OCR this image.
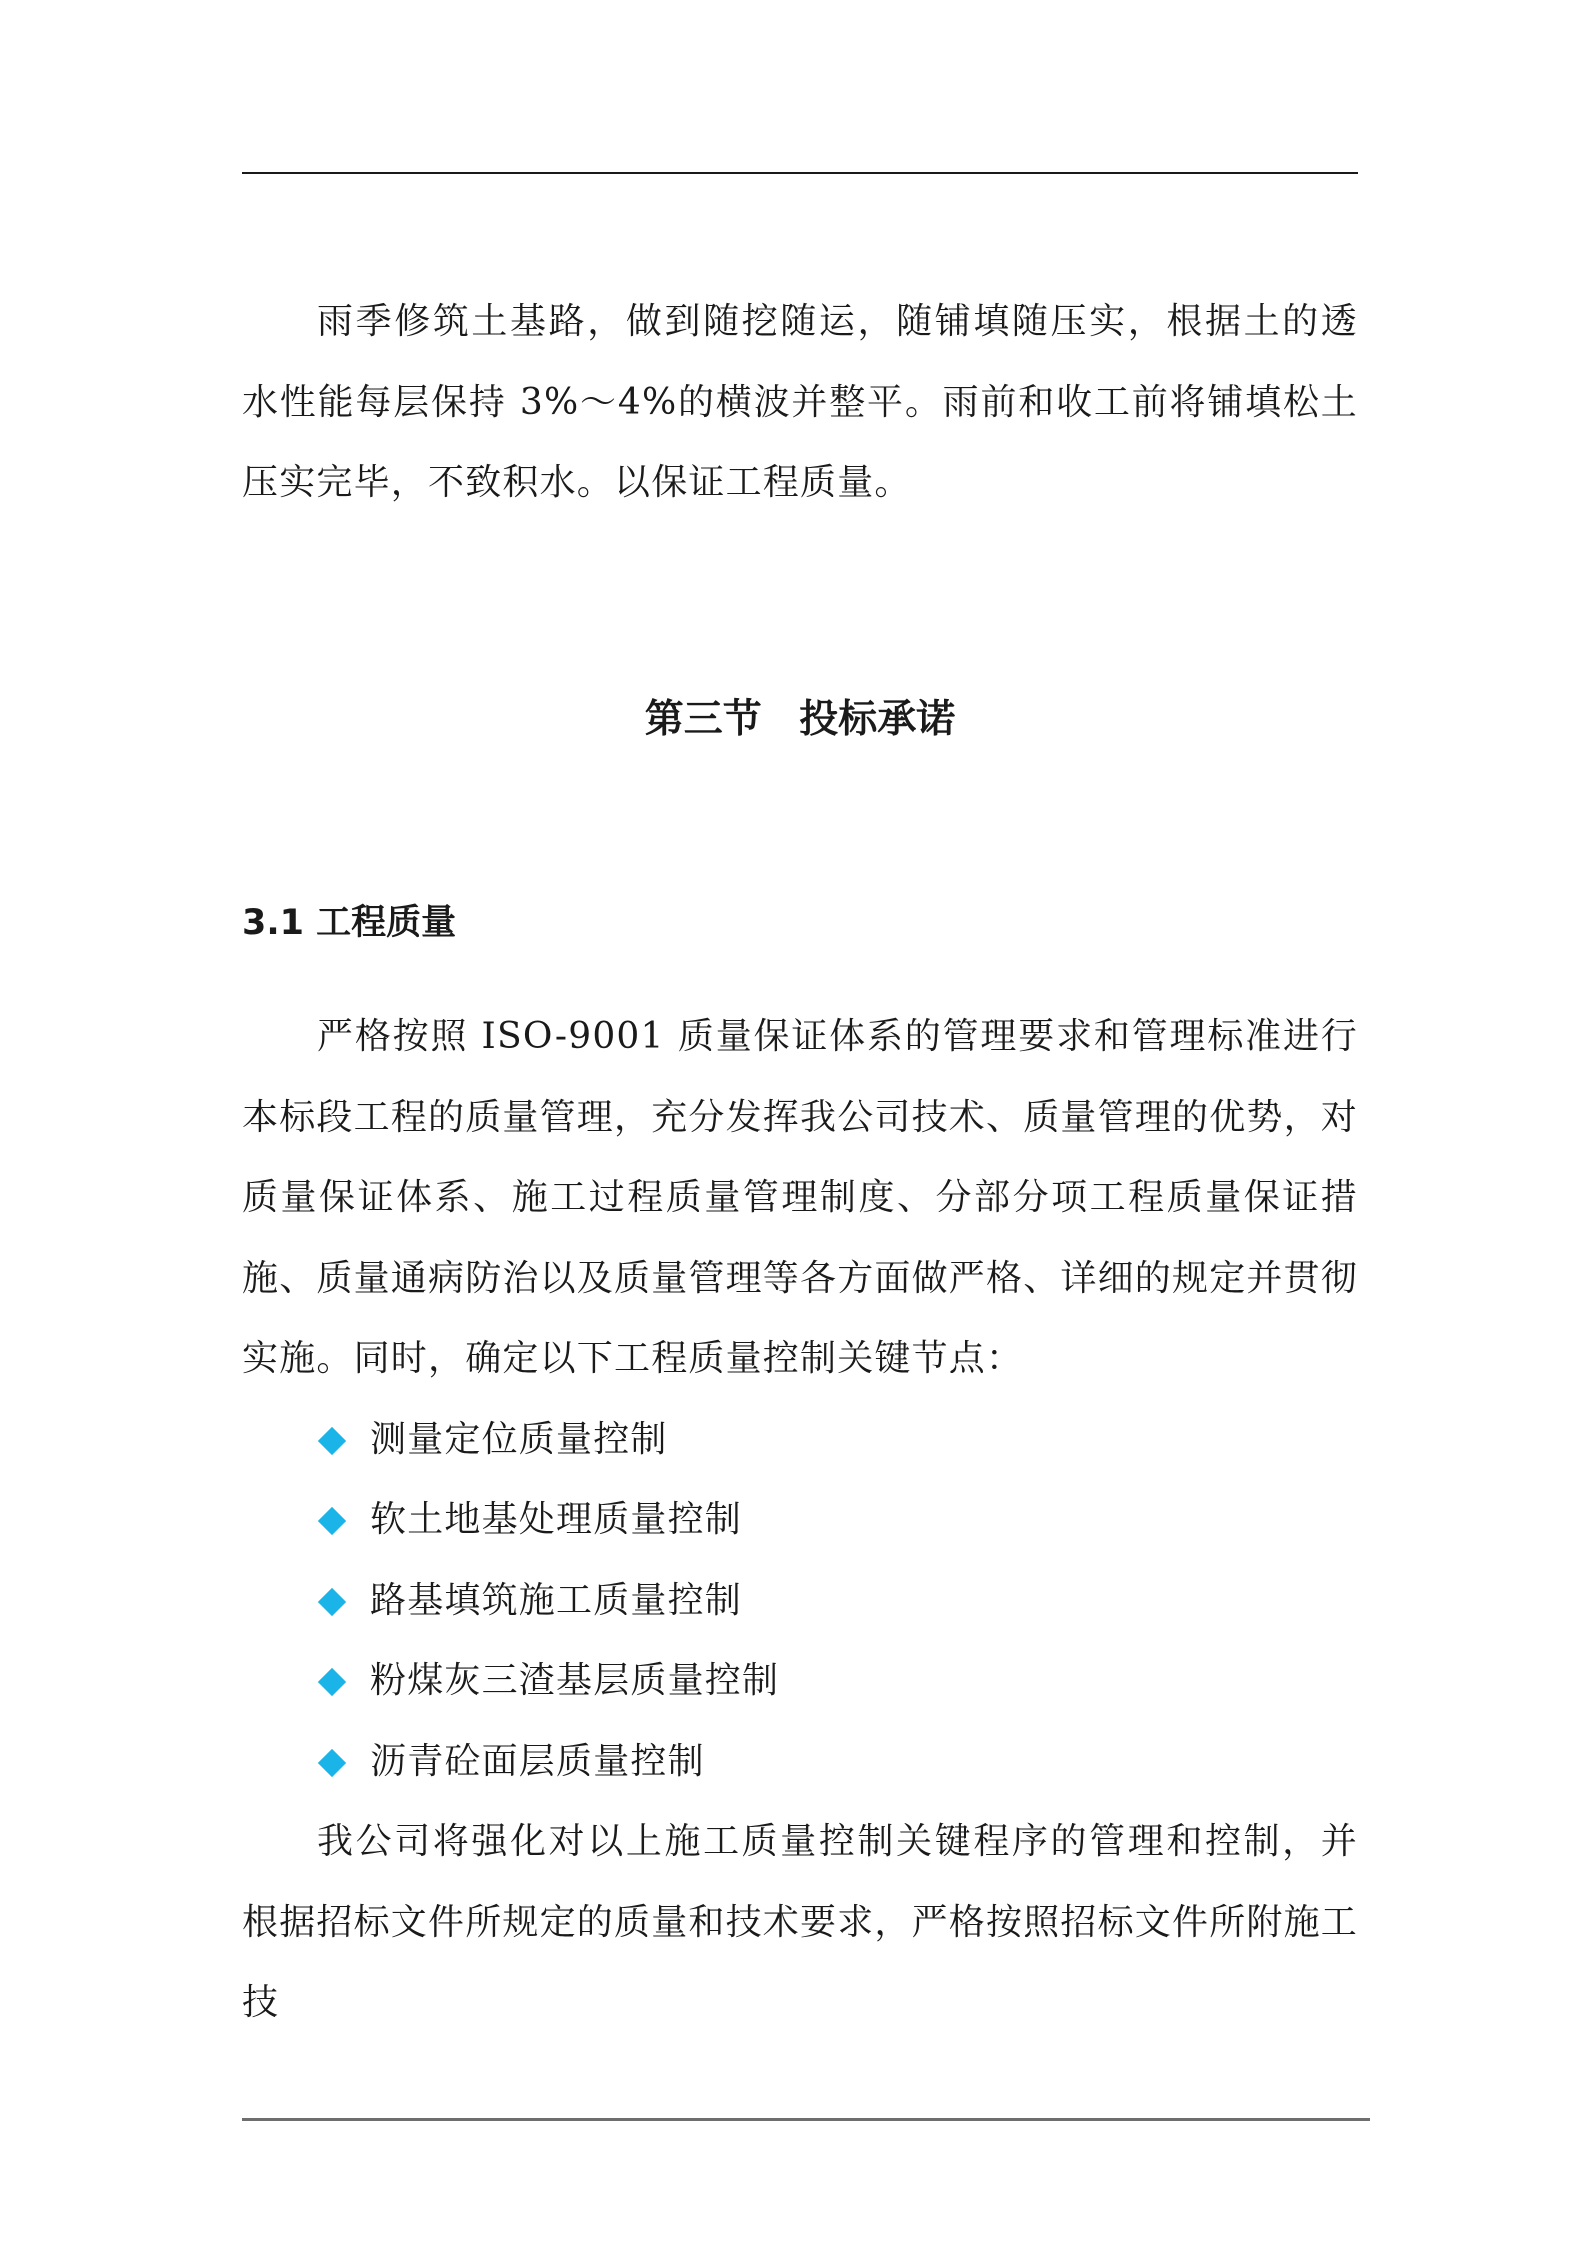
雨季修筑土基路，做到随挖随运，随铺填随压实，根据土的透水性能每层保持 3%～4%的横波并整平。雨前和收工前将铺填松土压实完毕，不致积水。以保证工程质量。

第三节 投标承诺
3.1 工程质量

严格按照 ISO-9001 质量保证体系的管理要求和管理标准进行本标段工程的质量管理，充分发挥我公司技术、质量管理的优势，对质量保证体系、施工过程质量管理制度、分部分项工程质量保证措施、质量通病防治以及质量管理等各方面做严格、详细的规定并贯彻实施。同时，确定以下工程质量控制关键节点：

测量定位质量控制
软土地基处理质量控制
路基填筑施工质量控制
粉煤灰三渣基层质量控制
沥青砼面层质量控制

我公司将强化对以上施工质量控制关键程序的管理和控制，并根据招标文件所规定的质量和技术要求，严格按照招标文件所附施工技
